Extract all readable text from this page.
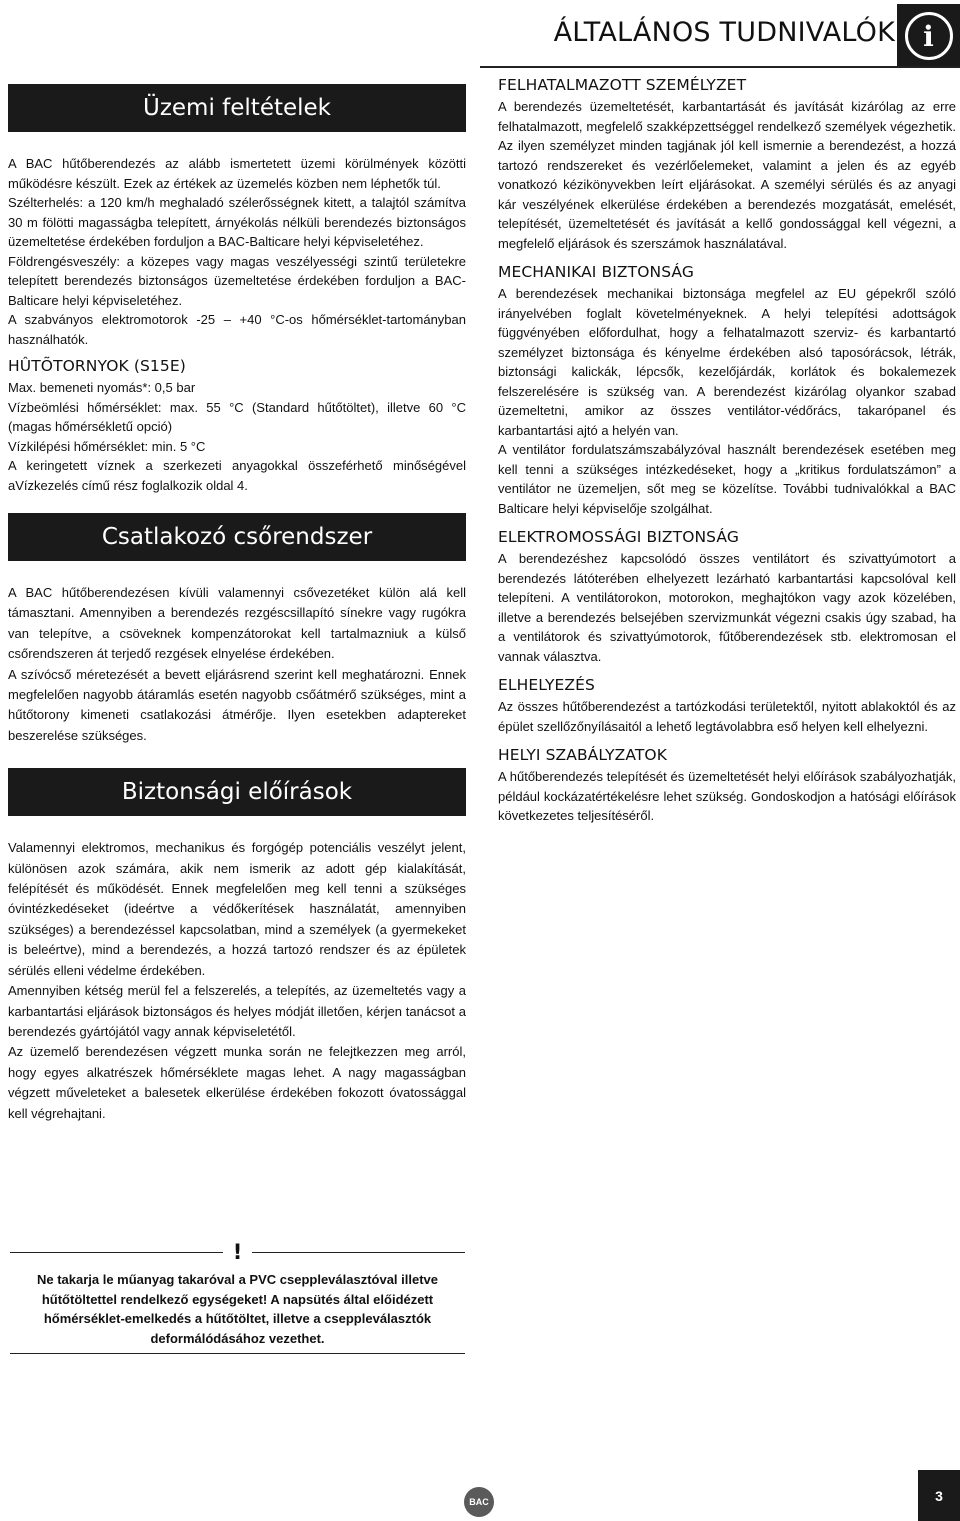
ÁLTALÁNOS TUDNIVALÓK	i
Üzemi feltételek
A BAC hűtőberendezés az alább ismertetett üzemi körülmények közötti működésre készült. Ezek az értékek az üzemelés közben nem léphetők túl.
Szélterhelés: a 120 km/h meghaladó szélerősségnek kitett, a talajtól számítva 30 m fölötti magasságba telepített, árnyékolás nélküli berendezés biztonságos üzemeltetése érdekében forduljon a BAC-Balticare helyi képviseletéhez.
Földrengésveszély: a közepes vagy magas veszélyességi szintű területekre telepített berendezés biztonságos üzemeltetése érdekében forduljon a BAC-Balticare helyi képviseletéhez.
A szabványos elektromotorok -25 – +40 °C-os hőmérséklet-tartományban használhatók.
HÛTÕTORNYOK (S15E)
Max. bemeneti nyomás*: 0,5 bar
Vízbeömlési hőmérséklet: max. 55 °C (Standard hűtőtöltet), illetve 60 °C (magas hőmérsékletű opció)
Vízkilépési hőmérséklet: min. 5 °C
A keringetett víznek a szerkezeti anyagokkal összeférhető minőségével aVízkezelés című rész foglalkozik oldal 4.
Csatlakozó csőrendszer
A BAC hűtőberendezésen kívüli valamennyi csővezetéket külön alá kell támasztani. Amennyiben a berendezés rezgéscsillapító sínekre vagy rugókra van telepítve, a csöveknek kompenzátorokat kell tartalmazniuk a külső csőrendszeren át terjedő rezgések elnyelése érdekében.
A szívócső méretezését a bevett eljárásrend szerint kell meghatározni. Ennek megfelelően nagyobb átáramlás esetén nagyobb csőátmérő szükséges, mint a hűtőtorony kimeneti csatlakozási átmérője. Ilyen esetekben adaptereket beszerelése szükséges.
Biztonsági előírások
Valamennyi elektromos, mechanikus és forgógép potenciális veszélyt jelent, különösen azok számára, akik nem ismerik az adott gép kialakítását, felépítését és működését. Ennek megfelelően meg kell tenni a szükséges óvintézkedéseket (ideértve a védőkerítések használatát, amennyiben szükséges) a berendezéssel kapcsolatban, mind a személyek (a gyermekeket is beleértve), mind a berendezés, a hozzá tartozó rendszer és az épületek sérülés elleni védelme érdekében.
Amennyiben kétség merül fel a felszerelés, a telepítés, az üzemeltetés vagy a karbantartási eljárások biztonságos és helyes módját illetően, kérjen tanácsot a berendezés gyártójától vagy annak képviseletétől.
Az üzemelő berendezésen végzett munka során ne felejtkezzen meg arról, hogy egyes alkatrészek hőmérséklete magas lehet. A nagy magasságban végzett műveleteket a balesetek elkerülése érdekében fokozott óvatossággal kell végrehajtani.
!
Ne takarja le műanyag takaróval a PVC cseppleválasztóval illetve hűtőtöltettel rendelkező egységeket! A napsütés által előidézett hőmérséklet-emelkedés a hűtőtöltet, illetve a cseppleválasztók deformálódásához vezethet.
FELHATALMAZOTT SZEMÉLYZET
A berendezés üzemeltetését, karbantartását és javítását kizárólag az erre felhatalmazott, megfelelő szakképzettséggel rendelkező személyek végezhetik. Az ilyen személyzet minden tagjának jól kell ismernie a berendezést, a hozzá tartozó rendszereket és vezérlőelemeket, valamint a jelen és az egyéb vonatkozó kézikönyvekben leírt eljárásokat. A személyi sérülés és az anyagi kár veszélyének elkerülése érdekében a berendezés mozgatását, emelését, telepítését, üzemeltetését és javítását a kellő gondossággal kell végezni, a megfelelő eljárások és szerszámok használatával.
MECHANIKAI BIZTONSÁG
A berendezések mechanikai biztonsága megfelel az EU gépekről szóló irányelvében foglalt követelményeknek. A helyi telepítési adottságok függvényében előfordulhat, hogy a felhatalmazott szerviz- és karbantartó személyzet biztonsága és kényelme érdekében alsó taposórácsok, létrák, biztonsági kalickák, lépcsők, kezelőjárdák, korlátok és bokalemezek felszerelésére is szükség van. A berendezést kizárólag olyankor szabad üzemeltetni, amikor az összes ventilátor-védőrács, takarópanel és karbantartási ajtó a helyén van.
A ventilátor fordulatszámszabályzóval használt berendezések esetében meg kell tenni a szükséges intézkedéseket, hogy a „kritikus fordulatszámon” a ventilátor ne üzemeljen, sőt meg se közelítse. További tudnivalókkal a BAC Balticare helyi képviselője szolgálhat.
ELEKTROMOSSÁGI BIZTONSÁG
A berendezéshez kapcsolódó összes ventilátort és szivattyúmotort a berendezés látóterében elhelyezett lezárható karbantartási kapcsolóval kell telepíteni. A ventilátorokon, motorokon, meghajtókon vagy azok közelében, illetve a berendezés belsejében szervizmunkát végezni csakis úgy szabad, ha a ventilátorok és szivattyúmotorok, fűtőberendezések stb. elektromosan el vannak választva.
ELHELYEZÉS
Az összes hűtőberendezést a tartózkodási területektől, nyitott ablakoktól és az épület szellőzőnyílásaitól a lehető legtávolabbra eső helyen kell elhelyezni.
HELYI SZABÁLYZATOK
A hűtőberendezés telepítését és üzemeltetését helyi előírások szabályozhatják, például kockázatértékelésre lehet szükség. Gondoskodjon a hatósági előírások következetes teljesítéséről.
BAC	3
